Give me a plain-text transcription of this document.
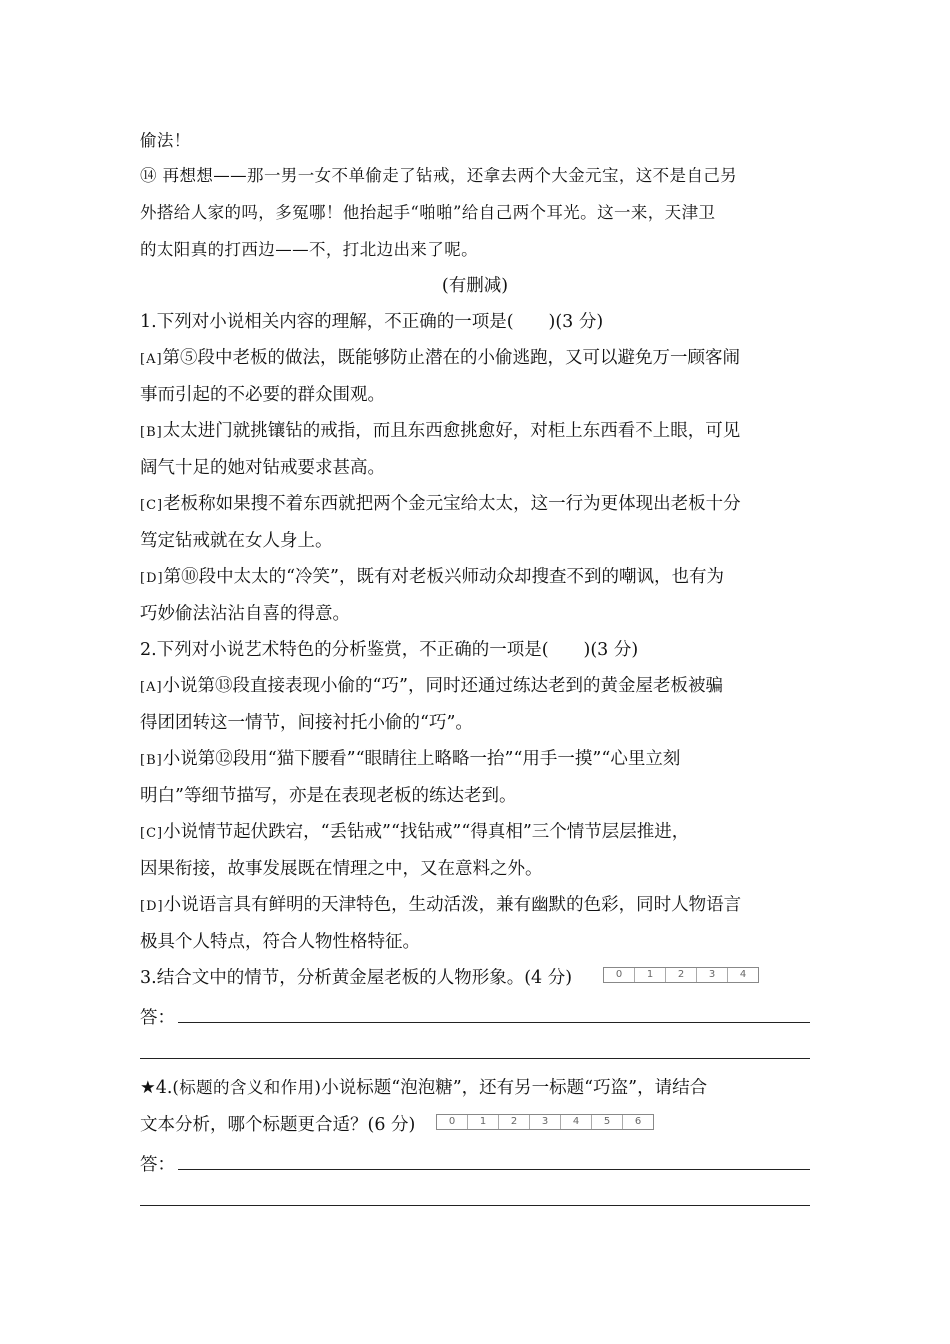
偷法！
⑭ 再想想——那一男一女不单偷走了钻戒，还拿去两个大金元宝，这不是自己另
外搭给人家的吗，多冤哪！他抬起手“啪啪”给自己两个耳光。这一来，天津卫
的太阳真的打西边——不，打北边出来了呢。
(有删减)
1.下列对小说相关内容的理解，不正确的一项是(　　)(3 分)
[A]第⑤段中老板的做法，既能够防止潜在的小偷逃跑，又可以避免万一顾客闹
事而引起的不必要的群众围观。
[B]太太进门就挑镶钻的戒指，而且东西愈挑愈好，对柜上东西看不上眼，可见
阔气十足的她对钻戒要求甚高。
[C]老板称如果搜不着东西就把两个金元宝给太太，这一行为更体现出老板十分
笃定钻戒就在女人身上。
[D]第⑩段中太太的“冷笑”，既有对老板兴师动众却搜查不到的嘲讽，也有为
巧妙偷法沾沾自喜的得意。
2.下列对小说艺术特色的分析鉴赏，不正确的一项是(　　)(3 分)
[A]小说第⑬段直接表现小偷的“巧”，同时还通过练达老到的黄金屋老板被骗
得团团转这一情节，间接衬托小偷的“巧”。
[B]小说第⑫段用“猫下腰看”“眼睛往上略略一抬”“用手一摸”“心里立刻
明白”等细节描写，亦是在表现老板的练达老到。
[C]小说情节起伏跌宕，“丢钻戒”“找钻戒”“得真相”三个情节层层推进，
因果衔接，故事发展既在情理之中，又在意料之外。
[D]小说语言具有鲜明的天津特色，生动活泼，兼有幽默的色彩，同时人物语言
极具个人特点，符合人物性格特征。
3.结合文中的情节，分析黄金屋老板的人物形象。(4 分)	0	1	2	3	4
答：
★4.(标题的含义和作用)小说标题“泡泡糖”，还有另一标题“巧盗”，请结合
文本分析，哪个标题更合适？(6 分)	0	1	2	3	4	5	6
答：
